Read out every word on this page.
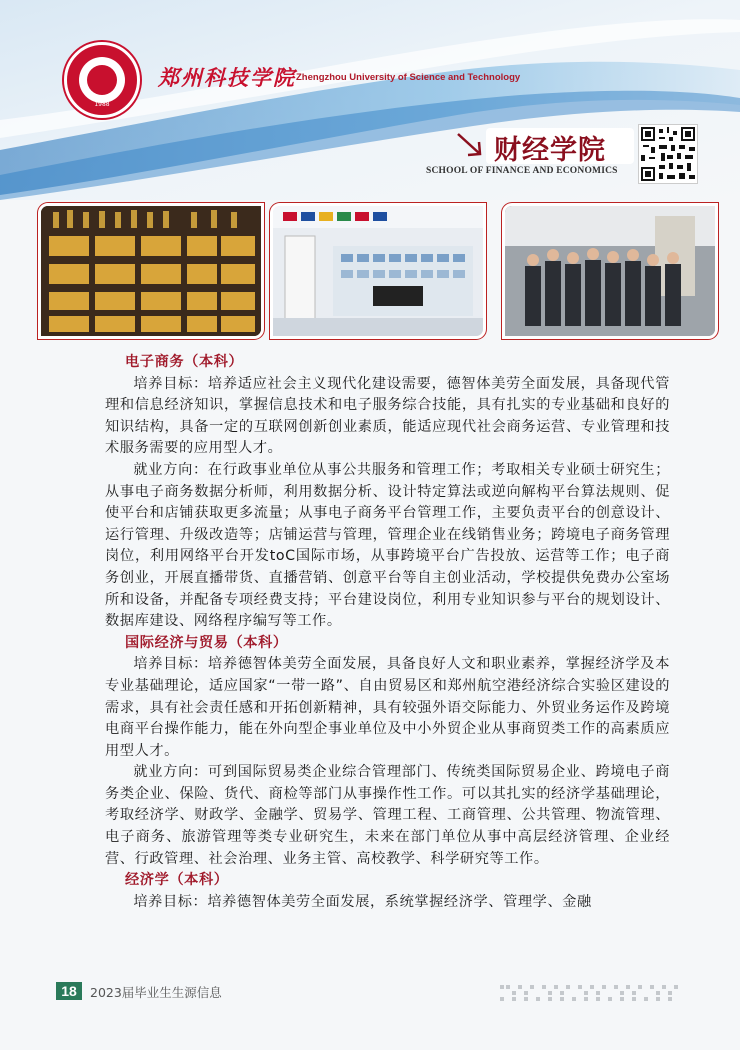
1988
郑州科技学院 Zhengzhou University of Science and Technology
财经学院
SCHOOL OF FINANCE AND ECONOMICS
电子商务（本科）

培养目标：培养适应社会主义现代化建设需要，德智体美劳全面发展，具备现代管理和信息经济知识，掌握信息技术和电子服务综合技能，具有扎实的专业基础和良好的知识结构，具备一定的互联网创新创业素质，能适应现代社会商务运营、专业管理和技术服务需要的应用型人才。

就业方向：在行政事业单位从事公共服务和管理工作；考取相关专业硕士研究生；从事电子商务数据分析师，利用数据分析、设计特定算法或逆向解构平台算法规则、促使平台和店铺获取更多流量；从事电子商务平台管理工作，主要负责平台的创意设计、运行管理、升级改造等；店铺运营与管理，管理企业在线销售业务；跨境电子商务管理岗位，利用网络平台开发toC国际市场，从事跨境平台广告投放、运营等工作；电子商务创业，开展直播带货、直播营销、创意平台等自主创业活动，学校提供免费办公室场所和设备，并配备专项经费支持；平台建设岗位，利用专业知识参与平台的规划设计、数据库建设、网络程序编写等工作。

国际经济与贸易（本科）

培养目标：培养德智体美劳全面发展，具备良好人文和职业素养，掌握经济学及本专业基础理论，适应国家“一带一路”、自由贸易区和郑州航空港经济综合实验区建设的需求，具有社会责任感和开拓创新精神，具有较强外语交际能力、外贸业务运作及跨境电商平台操作能力，能在外向型企事业单位及中小外贸企业从事商贸类工作的高素质应用型人才。

就业方向：可到国际贸易类企业综合管理部门、传统类国际贸易企业、跨境电子商务类企业、保险、货代、商检等部门从事操作性工作。可以其扎实的经济学基础理论，考取经济学、财政学、金融学、贸易学、管理工程、工商管理、公共管理、物流管理、电子商务、旅游管理等类专业研究生，未来在部门单位从事中高层经济管理、企业经营、行政管理、社会治理、业务主管、高校教学、科学研究等工作。

经济学（本科）

培养目标：培养德智体美劳全面发展，系统掌握经济学、管理学、金融

18	2023届毕业生生源信息
